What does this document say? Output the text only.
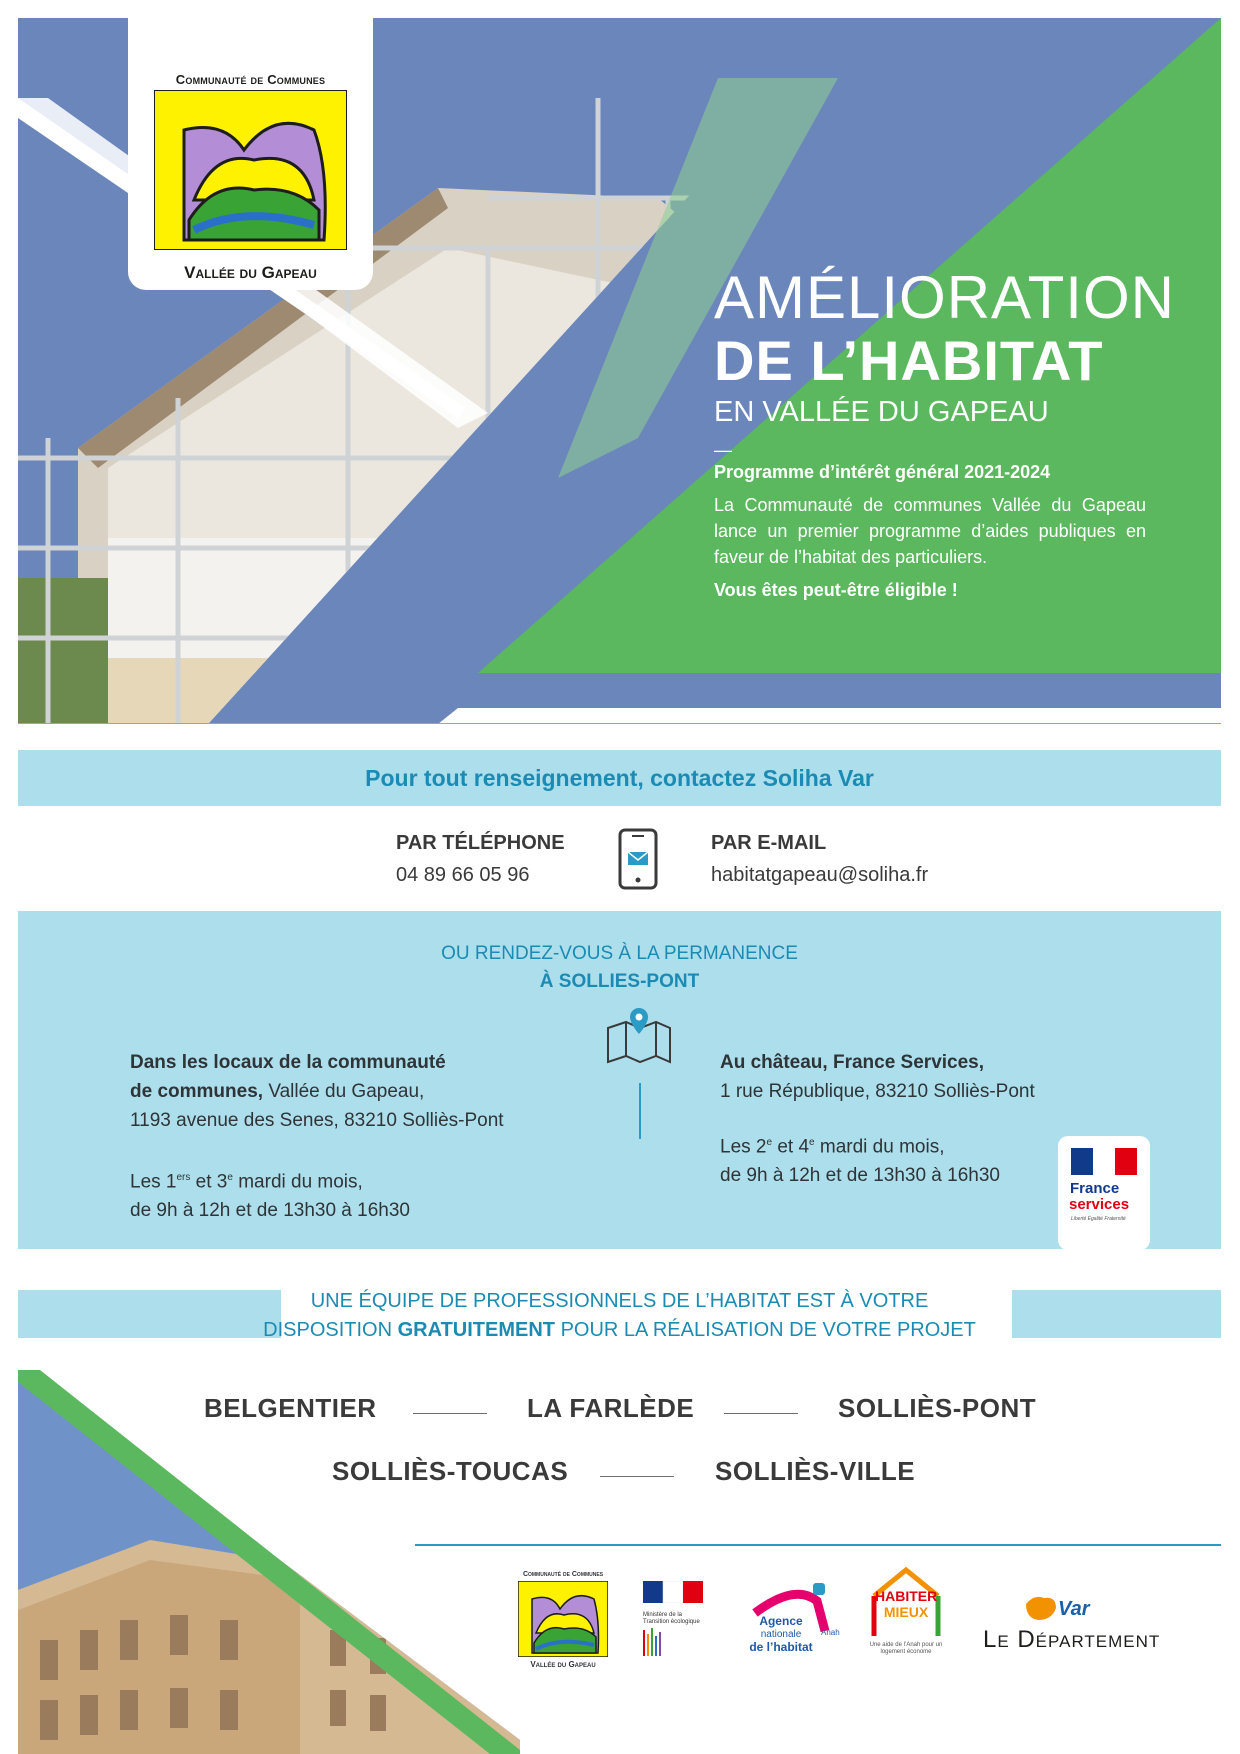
Communauté de Communes
Vallée du Gapeau	AMÉLIORATION
DE L’HABITAT
EN VALLÉE DU GAPEAU
—
Programme d’intérêt général 2021-2024
La Communauté de communes Vallée du Gapeau lance un premier programme d’aides publiques en faveur de l’habitat des particuliers.
Vous êtes peut-être éligible !
Pour tout renseignement, contactez Soliha Var
PAR TÉLÉPHONE
04 89 66 05 96
PAR E-MAIL
habitatgapeau@soliha.fr
OU RENDEZ-VOUS À LA PERMANENCE
À SOLLIES-PONT
Dans les locaux de la communauté
de communes, Vallée du Gapeau,
1193 avenue des Senes, 83210 Solliès-Pont
Les 1ers et 3e mardi du mois,
de 9h à 12h et de 13h30 à 16h30
Au château, France Services,
1 rue République, 83210 Solliès-Pont
Les 2e et 4e mardi du mois,
de 9h à 12h et de 13h30 à 16h30
France
services
Liberté Égalité Fraternité
UNE ÉQUIPE DE PROFESSIONNELS DE L’HABITAT EST À VOTRE
DISPOSITION GRATUITEMENT POUR LA RÉALISATION DE VOTRE PROJET
BELGENTIER	LA FARLÈDE	SOLLIÈS-PONT
SOLLIÈS-TOUCAS	SOLLIÈS-VILLE
Communauté de Communes
Vallée du Gapeau
Ministère de la Transition écologique	Agence
nationale
de l’habitat
Anah
HABITER
MIEUX
Une aide de l’Anah pour un logement économe
Var
Le Département
